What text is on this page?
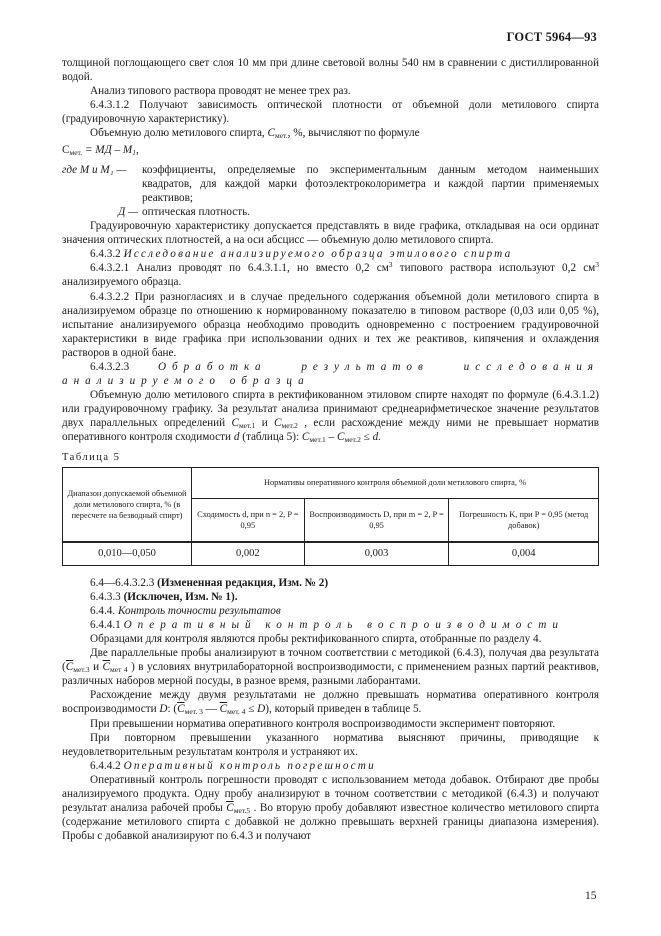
ГОСТ 5964—93

толщиной поглощающего свет слоя 10 мм при длине световой волны 540 нм в сравнении с дистиллированной водой.

Анализ типового раствора проводят не менее трех раз.

6.4.3.1.2 Получают зависимость оптической плотности от объемной доли метилового спирта (градуировочную характеристику).

Объемную долю метилового спирта, $С_{мет.}$, %, вычисляют по формуле

$С_{мет.}$ = МД – $М_1$,

где М и М₁ —	коэффициенты, определяемые по экспериментальным данным методом наименьших квадратов, для каждой марки фотоэлектроколориметра и каждой партии применяемых реактивов;
Д — оптическая плотность.

Градуировочную характеристику допускается представлять в виде графика, откладывая на оси ординат значения оптических плотностей, а на оси абсцисс — объемную долю метилового спирта.

6.4.3.2 Исследование анализируемого образца этилового спирта

6.4.3.2.1 Анализ проводят по 6.4.3.1.1, но вместо 0,2 $см^3$ типового раствора используют 0,2 $см^3$ анализируемого образца.

6.4.3.2.2 При разногласиях и в случае предельного содержания объемной доли метилового спирта в анализируемом образце по отношению к нормированному показателю в типовом растворе (0,03 или 0,05 %), испытание анализируемого образца необходимо проводить одновременно с построением градуировочной характеристики в виде графика при использовании одних и тех же реактивов, кипячения и охлаждения растворов в одной бане.

6.4.3.2.3 Обработка результатов исследования анализируемого образца

Объемную долю метилового спирта в ректификованном этиловом спирте находят по формуле (6.4.3.1.2) или градуировочному графику. За результат анализа принимают среднеарифметическое значение результатов двух параллельных определений $С_{мет.1}$ и $С_{мет.2}$ , если расхождение между ними не превышает норматив оперативного контроля сходимости d (таблица 5): $С_{мет.1} - С_{мет.2} \le d$.

Таблица 5

Диапазон допускаемой объемной доли метилового спирта, % (в пересчете на безводный спирт)	Нормативы оперативного контроля объемной доли метилового спирта, %		
	Сходимость d, при n = 2, P = 0,95	Воспроизводимость D, при m = 2, P = 0,95	Погрешность K, при P = 0,95 (метод добавок)
0,010—0,050	0,002	0,003	0,004

6.4—6.4.3.2.3 (Измененная редакция, Изм. № 2)

6.4.3.3 (Исключен, Изм. № 1).

6.4.4. Контроль точности результатов

6.4.4.1 Оперативный контроль воспроизводимости

Образцами для контроля являются пробы ректификованного спирта, отобранные по разделу 4.

Две параллельные пробы анализируют в точном соответствии с методикой (6.4.3), получая два результата ($С_{мет.3}$ и $С_{мет 4}$ ) в условиях внутрилабораторной воспроизводимости, с применением разных партий реактивов, различных наборов мерной посуды, в разное время, разными лаборантами.

Расхождение между двумя результатами не должно превышать норматива оперативного контроля воспроизводимости D: ($С_{мет. 3}$ — $С_{мет. 4} \le D$), который приведен в таблице 5.

При превышении норматива оперативного контроля воспроизводимости эксперимент повторяют.

При повторном превышении указанного норматива выясняют причины, приводящие к неудовлетворительным результатам контроля и устраняют их.

6.4.4.2 Оперативный контроль погрешности

Оперативный контроль погрешности проводят с использованием метода добавок. Отбирают две пробы анализируемого продукта. Одну пробу анализируют в точном соответствии с методикой (6.4.3) и получают результат анализа рабочей пробы $С_{мет.5}$ . Во вторую пробу добавляют известное количество метилового спирта (содержание метилового спирта с добавкой не должно превышать верхней границы диапазона измерения). Пробы с добавкой анализируют по 6.4.3 и получают

15
